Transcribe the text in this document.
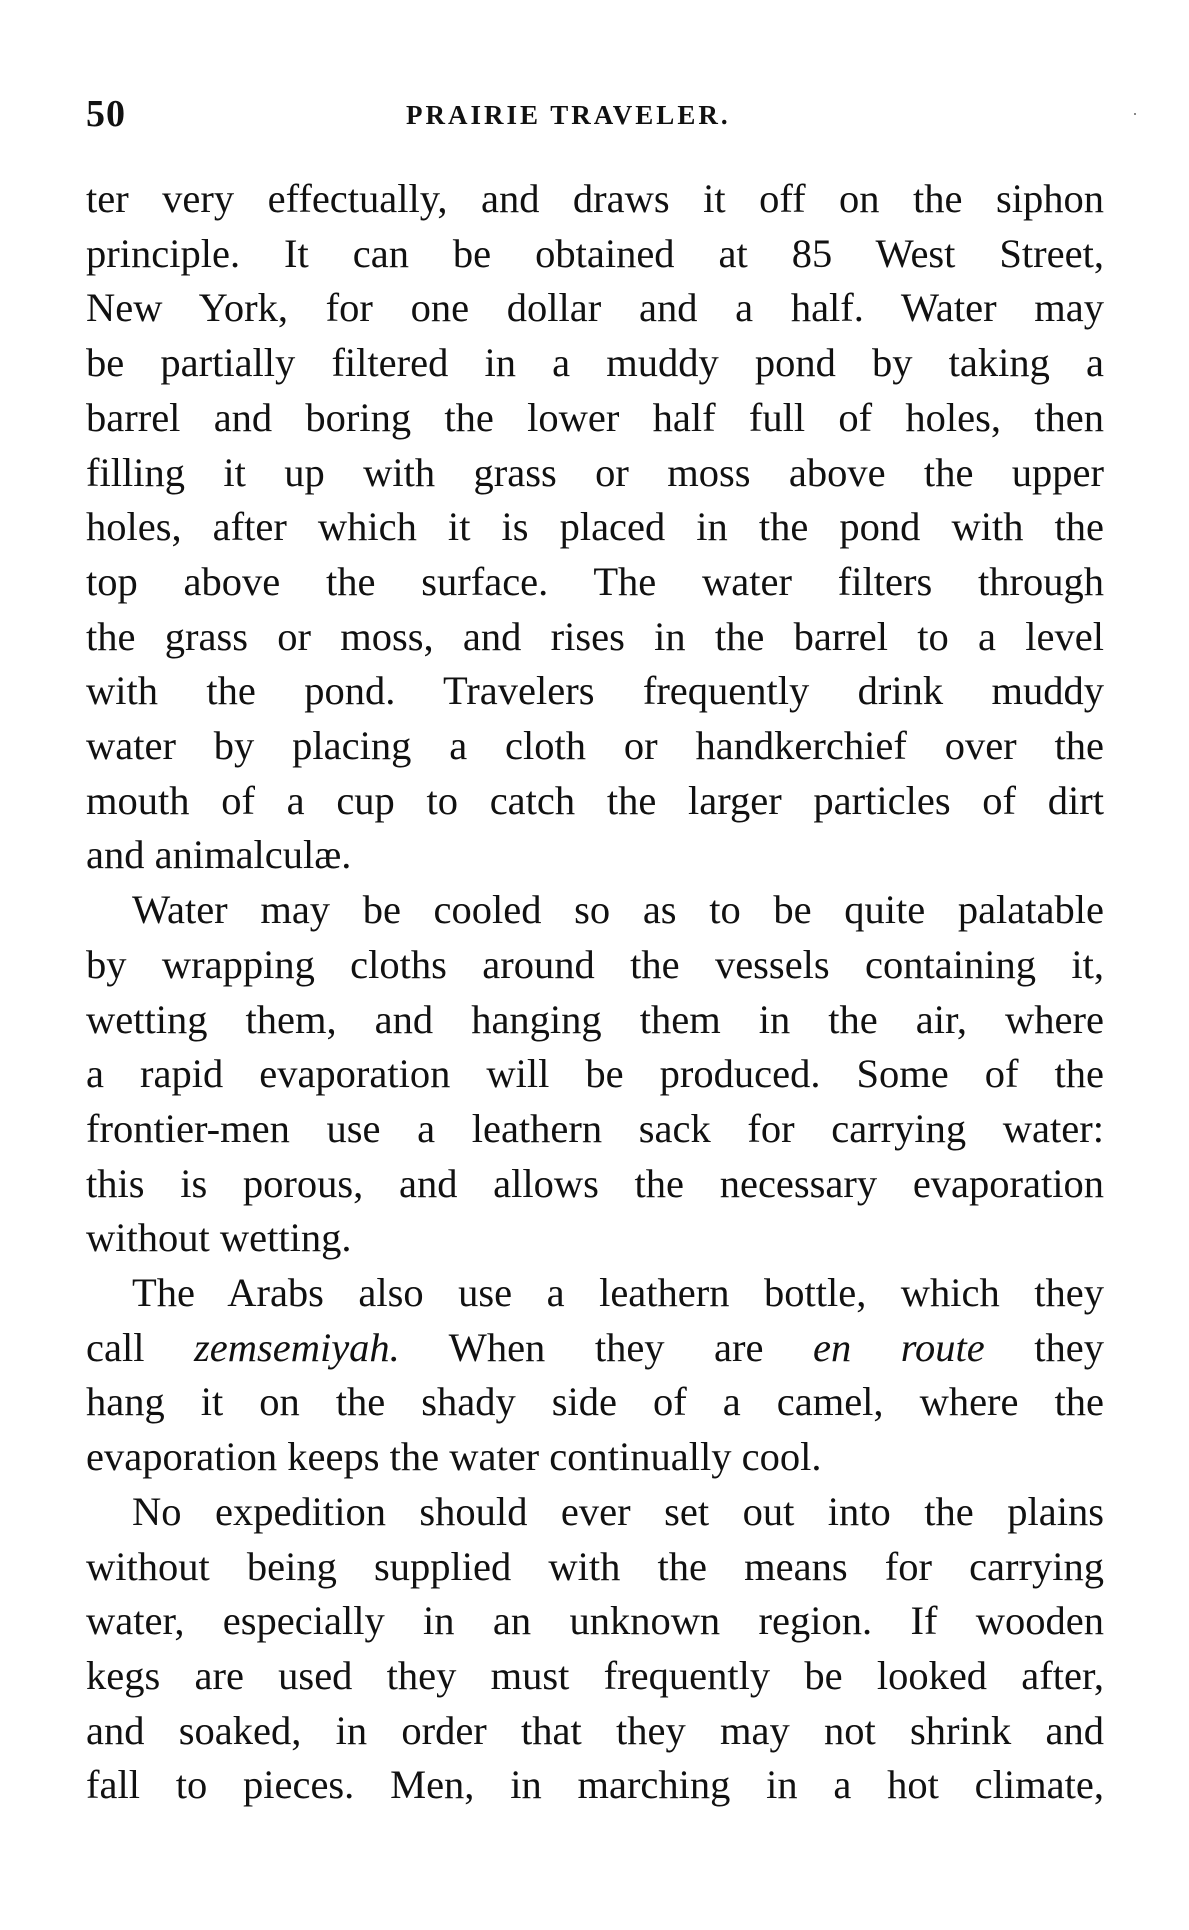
50	PRAIRIE TRAVELER.
ter very effectually, and draws it off on the siphon
principle. It can be obtained at 85 West Street,
New York, for one dollar and a half. Water may
be partially filtered in a muddy pond by taking a
barrel and boring the lower half full of holes, then
filling it up with grass or moss above the upper
holes, after which it is placed in the pond with the
top above the surface. The water filters through
the grass or moss, and rises in the barrel to a level
with the pond. Travelers frequently drink muddy
water by placing a cloth or handkerchief over the
mouth of a cup to catch the larger particles of dirt
and animalculæ.
Water may be cooled so as to be quite palatable
by wrapping cloths around the vessels containing it,
wetting them, and hanging them in the air, where
a rapid evaporation will be produced. Some of the
frontier-men use a leathern sack for carrying water:
this is porous, and allows the necessary evaporation
without wetting.
The Arabs also use a leathern bottle, which they
call zemsemiyah. When they are en route they
hang it on the shady side of a camel, where the
evaporation keeps the water continually cool.
No expedition should ever set out into the plains
without being supplied with the means for carrying
water, especially in an unknown region. If wooden
kegs are used they must frequently be looked after,
and soaked, in order that they may not shrink and
fall to pieces. Men, in marching in a hot climate,
